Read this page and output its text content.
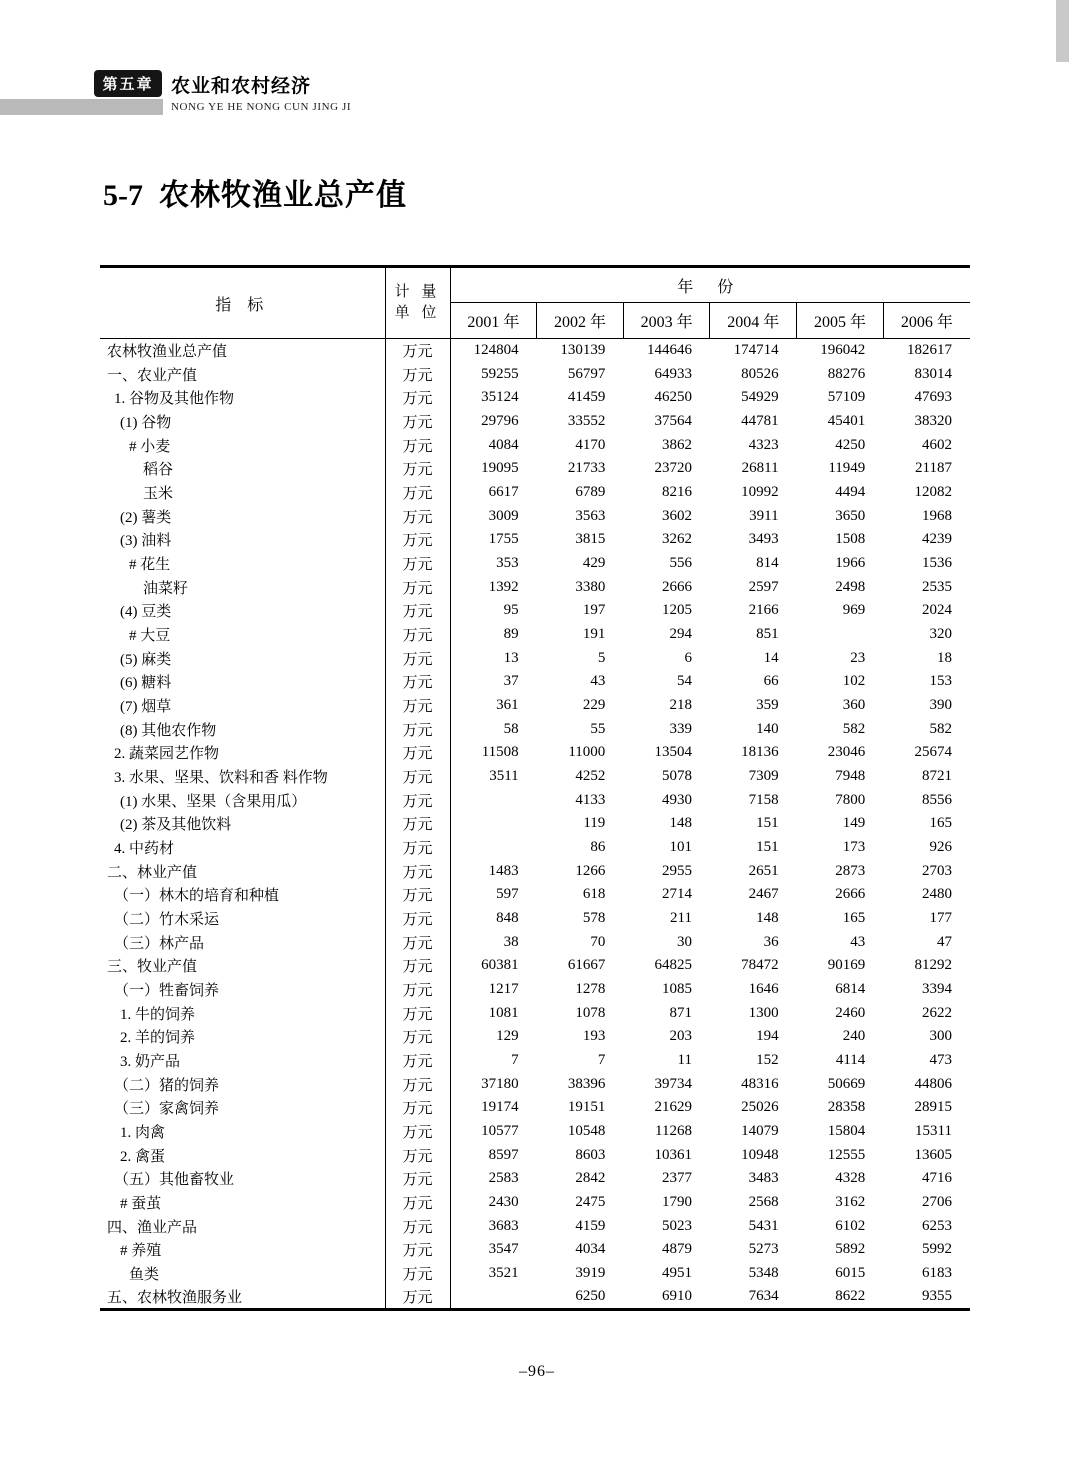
第五章 农业和农村经济
NONG YE HE NONG CUN JING JI
5-7 农林牧渔业总产值
指 标	计 量
单 位	年 份					
		2001 年	2002 年	2003 年	2004 年	2005 年	2006 年
农林牧渔业总产值	万元	124804	130139	144646	174714	196042	182617
一、农业产值	万元	59255	56797	64933	80526	88276	83014
1. 谷物及其他作物	万元	35124	41459	46250	54929	57109	47693
(1) 谷物	万元	29796	33552	37564	44781	45401	38320
# 小麦	万元	4084	4170	3862	4323	4250	4602
稻谷	万元	19095	21733	23720	26811	11949	21187
玉米	万元	6617	6789	8216	10992	4494	12082
(2) 薯类	万元	3009	3563	3602	3911	3650	1968
(3) 油料	万元	1755	3815	3262	3493	1508	4239
# 花生	万元	353	429	556	814	1966	1536
油菜籽	万元	1392	3380	2666	2597	2498	2535
(4) 豆类	万元	95	197	1205	2166	969	2024
# 大豆	万元	89	191	294	851		320
(5) 麻类	万元	13	5	6	14	23	18
(6) 糖料	万元	37	43	54	66	102	153
(7) 烟草	万元	361	229	218	359	360	390
(8) 其他农作物	万元	58	55	339	140	582	582
2. 蔬菜园艺作物	万元	11508	11000	13504	18136	23046	25674
3. 水果、坚果、饮料和香 料作物	万元	3511	4252	5078	7309	7948	8721
(1) 水果、坚果（含果用瓜）	万元		4133	4930	7158	7800	8556
(2) 茶及其他饮料	万元		119	148	151	149	165
4. 中药材	万元		86	101	151	173	926
二、林业产值	万元	1483	1266	2955	2651	2873	2703
（一）林木的培育和种植	万元	597	618	2714	2467	2666	2480
（二）竹木采运	万元	848	578	211	148	165	177
（三）林产品	万元	38	70	30	36	43	47
三、牧业产值	万元	60381	61667	64825	78472	90169	81292
（一）牲畜饲养	万元	1217	1278	1085	1646	6814	3394
1. 牛的饲养	万元	1081	1078	871	1300	2460	2622
2. 羊的饲养	万元	129	193	203	194	240	300
3. 奶产品	万元	7	7	11	152	4114	473
（二）猪的饲养	万元	37180	38396	39734	48316	50669	44806
（三）家禽饲养	万元	19174	19151	21629	25026	28358	28915
1. 肉禽	万元	10577	10548	11268	14079	15804	15311
2. 禽蛋	万元	8597	8603	10361	10948	12555	13605
（五）其他畜牧业	万元	2583	2842	2377	3483	4328	4716
# 蚕茧	万元	2430	2475	1790	2568	3162	2706
四、渔业产品	万元	3683	4159	5023	5431	6102	6253
# 养殖	万元	3547	4034	4879	5273	5892	5992
鱼类	万元	3521	3919	4951	5348	6015	6183
五、农林牧渔服务业	万元		6250	6910	7634	8622	9355
–96–
